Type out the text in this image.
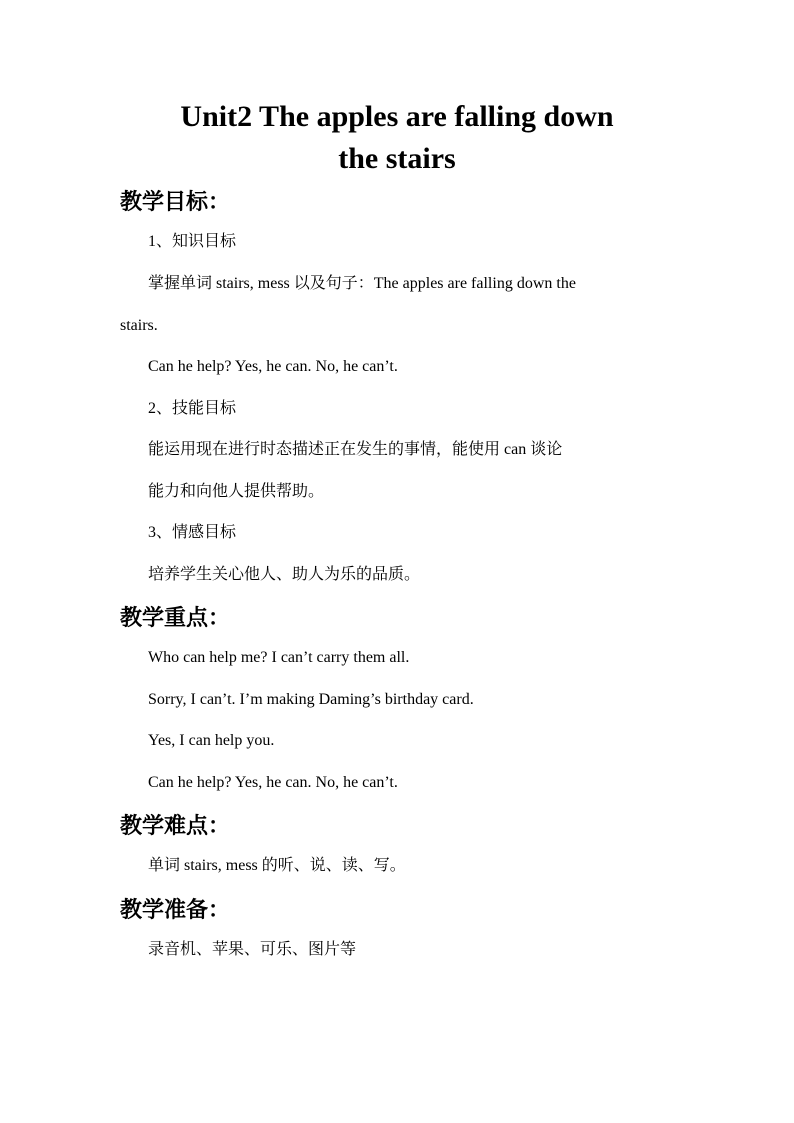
Unit2 The apples are falling down
the stairs
教学目标：

1、知识目标

掌握单词 stairs, mess 以及句子：The apples are falling down the

stairs.

Can he help? Yes, he can. No, he can’t.

2、技能目标

能运用现在进行时态描述正在发生的事情，能使用 can 谈论

能力和向他人提供帮助。

3、情感目标

培养学生关心他人、助人为乐的品质。

教学重点：

Who can help me? I can’t carry them all.

Sorry, I can’t. I’m making Daming’s birthday card.

Yes, I can help you.

Can he help? Yes, he can. No, he can’t.

教学难点：

单词 stairs, mess 的听、说、读、写。

教学准备：

录音机、苹果、可乐、图片等
